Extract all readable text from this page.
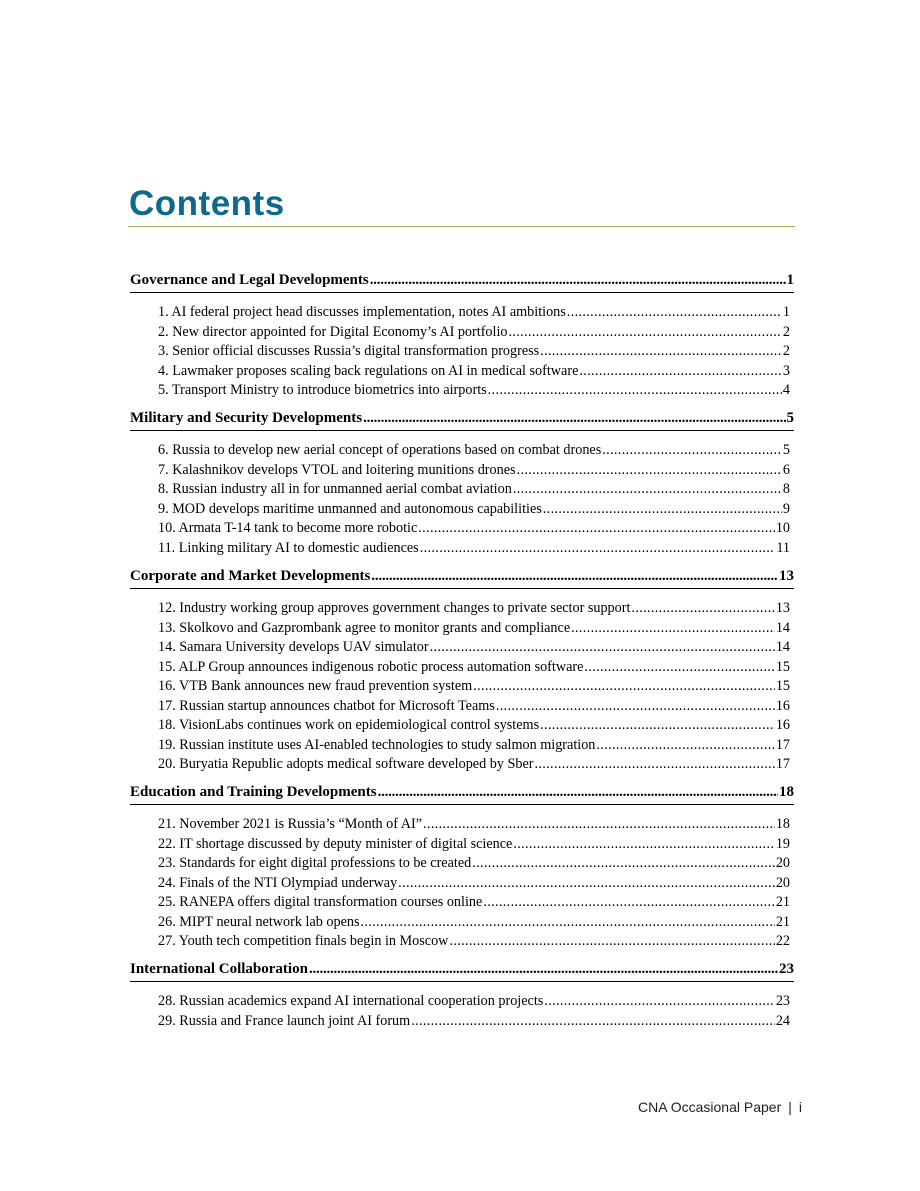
Contents
Governance and Legal Developments . . .	1
1. AI federal project head discusses implementation, notes AI ambitions . . .	1
2. New director appointed for Digital Economy’s AI portfolio . . .	2
3. Senior official discusses Russia’s digital transformation progress . . .	2
4. Lawmaker proposes scaling back regulations on AI in medical software . . .	3
5. Transport Ministry to introduce biometrics into airports . . .	4
Military and Security Developments . . .	5
6. Russia to develop new aerial concept of operations based on combat drones . . .	5
7. Kalashnikov develops VTOL and loitering munitions drones . . .	6
8. Russian industry all in for unmanned aerial combat aviation . . .	8
9. MOD develops maritime unmanned and autonomous capabilities . . .	9
10. Armata T-14 tank to become more robotic . . .	10
11. Linking military AI to domestic audiences . . .	11
Corporate and Market Developments . . .	13
12. Industry working group approves government changes to private sector support . . .	13
13. Skolkovo and Gazprombank agree to monitor grants and compliance . . .	14
14. Samara University develops UAV simulator . . .	14
15. ALP Group announces indigenous robotic process automation software . . .	15
16. VTB Bank announces new fraud prevention system . . .	15
17. Russian startup announces chatbot for Microsoft Teams . . .	16
18. VisionLabs continues work on epidemiological control systems . . .	16
19. Russian institute uses AI-enabled technologies to study salmon migration . . .	17
20. Buryatia Republic adopts medical software developed by Sber . . .	17
Education and Training Developments . . .	18
21. November 2021 is Russia’s “Month of AI” . . .	18
22. IT shortage discussed by deputy minister of digital science . . .	19
23. Standards for eight digital professions to be created . . .	20
24. Finals of the NTI Olympiad underway . . .	20
25. RANEPA offers digital transformation courses online . . .	21
26. MIPT neural network lab opens . . .	21
27. Youth tech competition finals begin in Moscow . . .	22
International Collaboration . . .	23
28. Russian academics expand AI international cooperation projects . . .	23
29. Russia and France launch joint AI forum . . .	24
CNA Occasional Paper | i
